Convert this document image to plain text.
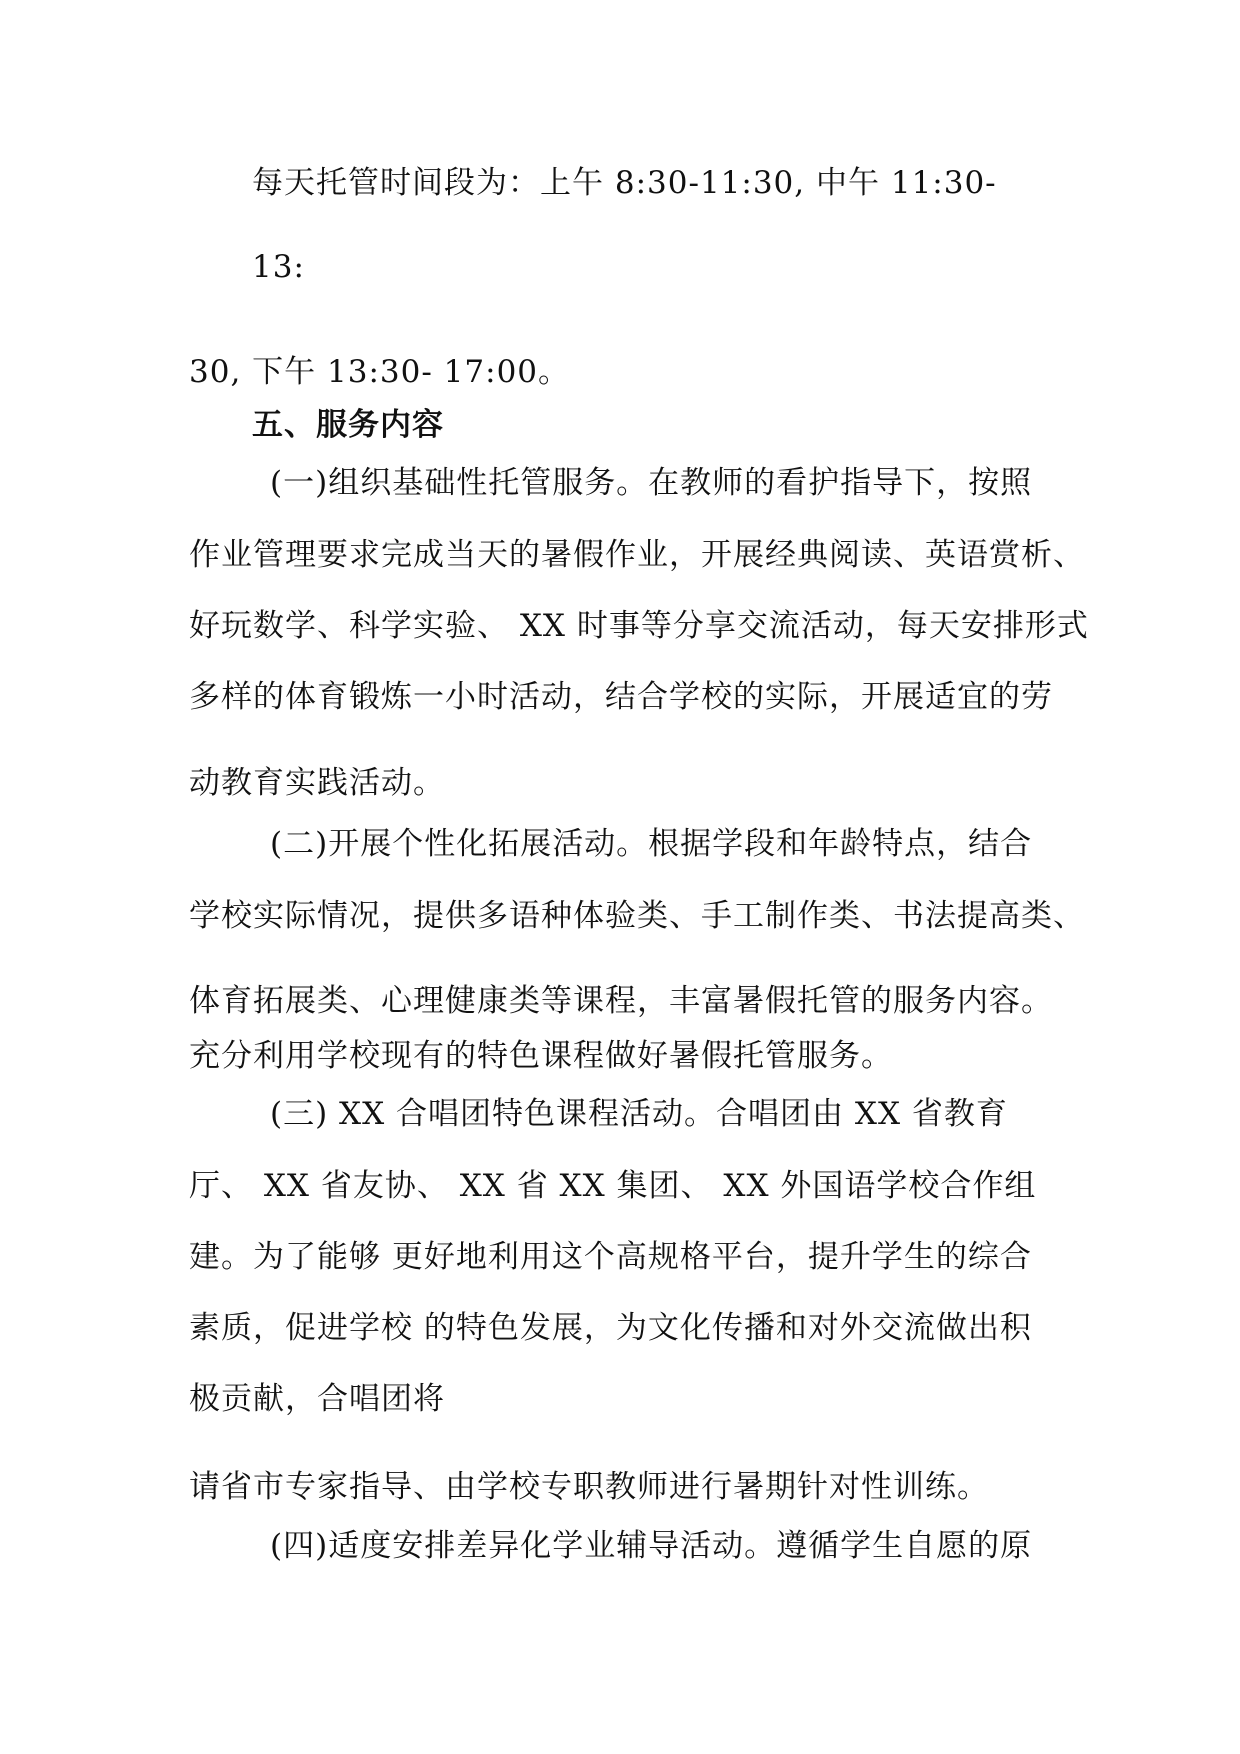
每天托管时间段为：上午 8:30-11:30, 中午 11:30-
13:
30, 下午 13:30- 17:00。
五、服务内容
(一)组织基础性托管服务。在教师的看护指导下，按照
作业管理要求完成当天的暑假作业，开展经典阅读、英语赏析、
好玩数学、科学实验、 XX 时事等分享交流活动，每天安排形式
多样的体育锻炼一小时活动，结合学校的实际，开展适宜的劳
动教育实践活动。
(二)开展个性化拓展活动。根据学段和年龄特点，结合
学校实际情况，提供多语种体验类、手工制作类、书法提高类、
体育拓展类、心理健康类等课程，丰富暑假托管的服务内容。
充分利用学校现有的特色课程做好暑假托管服务。
(三) XX 合唱团特色课程活动。合唱团由 XX 省教育
厅、 XX 省友协、 XX 省 XX 集团、 XX 外国语学校合作组
建。为了能够 更好地利用这个高规格平台，提升学生的综合
素质，促进学校 的特色发展，为文化传播和对外交流做出积
极贡献，合唱团将
请省市专家指导、由学校专职教师进行暑期针对性训练。
(四)适度安排差异化学业辅导活动。遵循学生自愿的原
